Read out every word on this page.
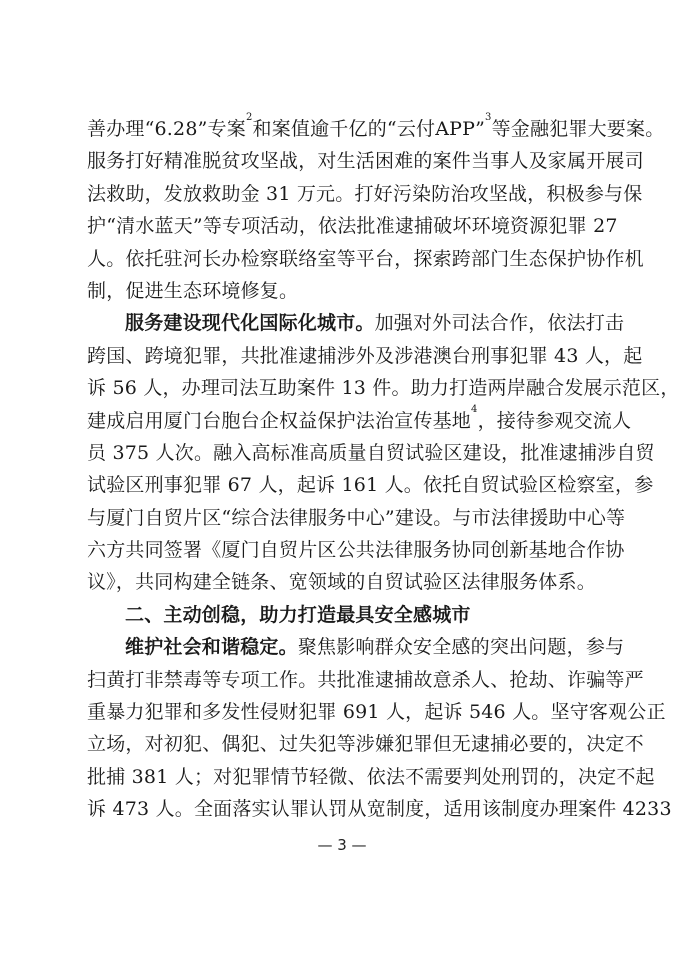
善办理“6.28”专案$^2$和案值逾千亿的“云付APP”$^3$等金融犯罪大要案。
服务打好精准脱贫攻坚战，对生活困难的案件当事人及家属开展司
法救助，发放救助金 31 万元。打好污染防治攻坚战，积极参与保
护“清水蓝天”等专项活动，依法批准逮捕破坏环境资源犯罪 27
人。依托驻河长办检察联络室等平台，探索跨部门生态保护协作机
制，促进生态环境修复。
服务建设现代化国际化城市。加强对外司法合作，依法打击
跨国、跨境犯罪，共批准逮捕涉外及涉港澳台刑事犯罪 43 人，起
诉 56 人，办理司法互助案件 13 件。助力打造两岸融合发展示范区，
建成启用厦门台胞台企权益保护法治宣传基地$^4$，接待参观交流人
员 375 人次。融入高标准高质量自贸试验区建设，批准逮捕涉自贸
试验区刑事犯罪 67 人，起诉 161 人。依托自贸试验区检察室，参
与厦门自贸片区“综合法律服务中心”建设。与市法律援助中心等
六方共同签署《厦门自贸片区公共法律服务协同创新基地合作协
议》，共同构建全链条、宽领域的自贸试验区法律服务体系。
二、主动创稳，助力打造最具安全感城市
维护社会和谐稳定。聚焦影响群众安全感的突出问题，参与
扫黄打非禁毒等专项工作。共批准逮捕故意杀人、抢劫、诈骗等严
重暴力犯罪和多发性侵财犯罪 691 人，起诉 546 人。坚守客观公正
立场，对初犯、偶犯、过失犯等涉嫌犯罪但无逮捕必要的，决定不
批捕 381 人；对犯罪情节轻微、依法不需要判处刑罚的，决定不起
诉 473 人。全面落实认罪认罚从宽制度，适用该制度办理案件 4233
— 3 —
